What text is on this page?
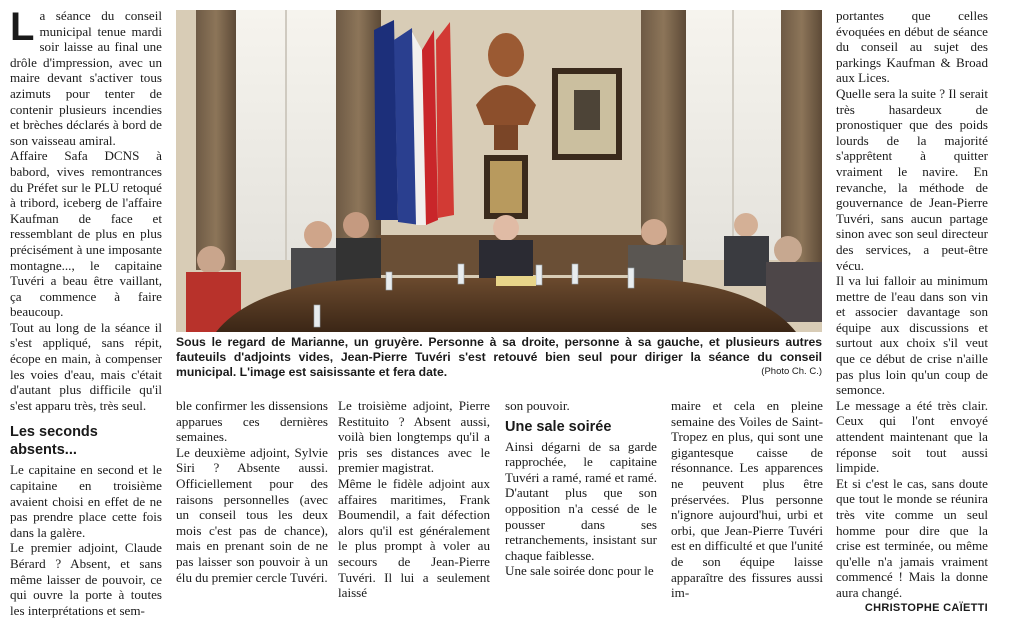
La séance du conseil municipal tenue mardi soir laisse au final une drôle d'impression, avec un maire devant s'activer tous azimuts pour tenter de contenir plusieurs incendies et brèches déclarés à bord de son vaisseau amiral.

Affaire Safa DCNS à babord, vives remontrances du Préfet sur le PLU retoqué à tribord, iceberg de l'affaire Kaufman de face et ressemblant de plus en plus précisément à une imposante montagne..., le capitaine Tuvéri a beau être vaillant, ça commence à faire beaucoup.

Tout au long de la séance il s'est appliqué, sans répit, écope en main, à compenser les voies d'eau, mais c'était d'autant plus difficile qu'il s'est apparu très, très seul.

Les seconds absents...

Le capitaine en second et le capitaine en troisième avaient choisi en effet de ne pas prendre place cette fois dans la galère.

Le premier adjoint, Claude Bérard ? Absent, et sans même laisser de pouvoir, ce qui ouvre la porte à toutes les interprétations et sem-

Sous le regard de Marianne, un gruyère. Personne à sa droite, personne à sa gauche, et plusieurs autres fauteuils d'adjoints vides, Jean-Pierre Tuvéri s'est retouvé bien seul pour diriger la séance du conseil municipal. L'image est saisissante et fera date.	(Photo Ch. C.)

ble confirmer les dissensions apparues ces dernières semaines.

Le deuxième adjoint, Sylvie Siri ? Absente aussi. Officiellement pour des raisons personnelles (avec un conseil tous les deux mois c'est pas de chance), mais en prenant soin de ne pas laisser son pouvoir à un élu du premier cercle Tuvéri.

Le troisième adjoint, Pierre Restituito ? Absent aussi, voilà bien longtemps qu'il a pris ses distances avec le premier magistrat.

Même le fidèle adjoint aux affaires maritimes, Frank Boumendil, a fait défection alors qu'il est généralement le plus prompt à voler au secours de Jean-Pierre Tuvéri. Il lui a seulement laissé

son pouvoir.

Une sale soirée

Ainsi dégarni de sa garde rapprochée, le capitaine Tuvéri a ramé, ramé et ramé. D'autant plus que son opposition n'a cessé de le pousser dans ses retranchements, insistant sur chaque faiblesse.

Une sale soirée donc pour le

maire et cela en pleine semaine des Voiles de Saint-Tropez en plus, qui sont une gigantesque caisse de résonnance. Les apparences ne peuvent plus être préservées. Plus personne n'ignore aujourd'hui, urbi et orbi, que Jean-Pierre Tuvéri est en difficulté et que l'unité de son équipe laisse apparaître des fissures aussi im-

portantes que celles évoquées en début de séance du conseil au sujet des parkings Kaufman & Broad aux Lices.

Quelle sera la suite ? Il serait très hasardeux de pronostiquer que des poids lourds de la majorité s'apprêtent à quitter vraiment le navire. En revanche, la méthode de gouvernance de Jean-Pierre Tuvéri, sans aucun partage sinon avec son seul directeur des services, a peut-être vécu.

Il va lui falloir au minimum mettre de l'eau dans son vin et associer davantage son équipe aux discussions et surtout aux choix s'il veut que ce début de crise n'aille pas plus loin qu'un coup de semonce.

Le message a été très clair. Ceux qui l'ont envoyé attendent maintenant que la réponse soit tout aussi limpide.

Et si c'est le cas, sans doute que tout le monde se réunira très vite comme un seul homme pour dire que la crise est terminée, ou même qu'elle n'a jamais vraiment commencé ! Mais la donne aura changé.

CHRISTOPHE CAÏETTI
